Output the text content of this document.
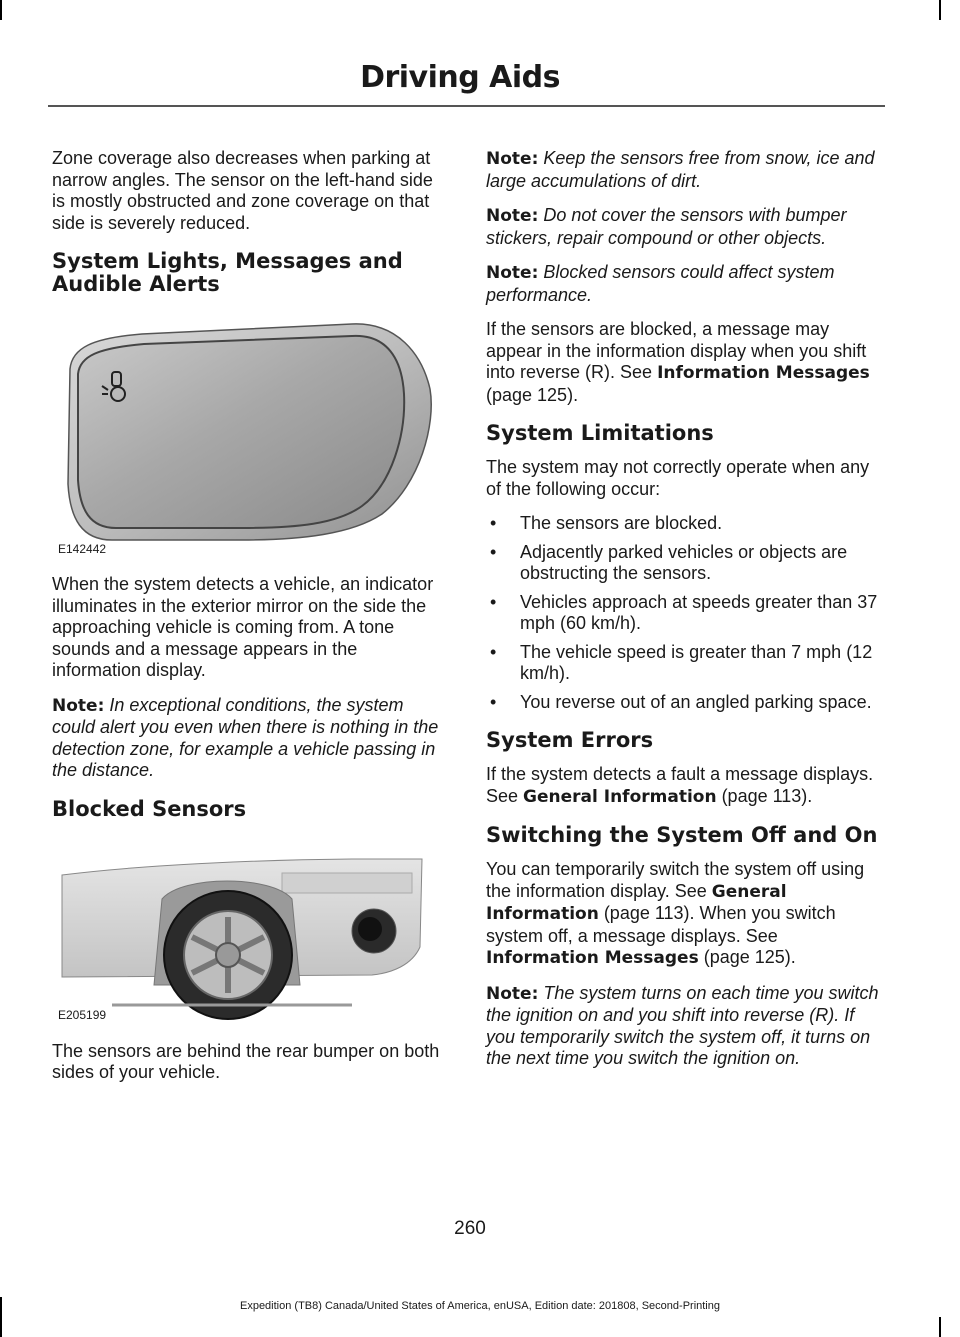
Driving Aids

Zone coverage also decreases when parking at narrow angles. The sensor on the left-hand side is mostly obstructed and zone coverage on that side is severely reduced.

System Lights, Messages and Audible Alerts
E142442

When the system detects a vehicle, an indicator illuminates in the exterior mirror on the side the approaching vehicle is coming from. A tone sounds and a message appears in the information display.

Note: In exceptional conditions, the system could alert you even when there is nothing in the detection zone, for example a vehicle passing in the distance.

Blocked Sensors
E205199

The sensors are behind the rear bumper on both sides of your vehicle.

Note: Keep the sensors free from snow, ice and large accumulations of dirt.

Note: Do not cover the sensors with bumper stickers, repair compound or other objects.

Note: Blocked sensors could affect system performance.

If the sensors are blocked, a message may appear in the information display when you shift into reverse (R). See Information Messages (page 125).

System Limitations

The system may not correctly operate when any of the following occur:

• The sensors are blocked.
• Adjacently parked vehicles or objects are obstructing the sensors.
• Vehicles approach at speeds greater than 37 mph (60 km/h).
• The vehicle speed is greater than 7 mph (12 km/h).
• You reverse out of an angled parking space.
System Errors

If the system detects a fault a message displays. See General Information (page 113).

Switching the System Off and On

You can temporarily switch the system off using the information display. See General Information (page 113). When you switch system off, a message displays. See Information Messages (page 125).

Note: The system turns on each time you switch the ignition on and you shift into reverse (R). If you temporarily switch the system off, it turns on the next time you switch the ignition on.

260
Expedition (TB8) Canada/United States of America, enUSA, Edition date: 201808, Second-Printing
